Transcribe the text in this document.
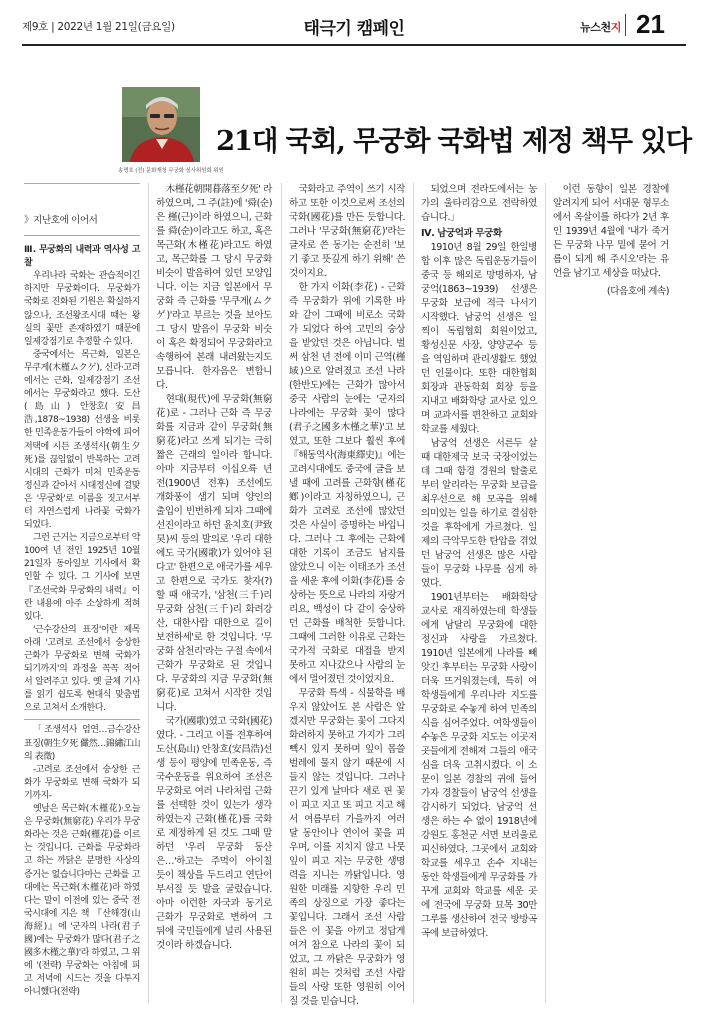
제9호 | 2022년 1월 21일(금요일)	태극기 캠페인	뉴스천지 21
송명호 (전) 문화재청 무궁화 심사위원회 위원
21대 국회, 무궁화 국화법 제정 책무 있다

》지난호에 이어서

Ⅲ. 무궁화의 내력과 역사성 고찰

우리나라 국화는 관습적이긴 하지만 무궁화이다. 무궁화가 국화로 진화된 기원은 확실하지 않으나, 조선왕조시대 때는 왕실의 꽃만 존재하였기 때문에 일제강점기로 추정할 수 있다.

중국에서는 목근화, 일본은 무쿠게(木槿ムクゲ), 신라·고려에서는 근화, 일제강점기 조선에서는 무궁화라고 했다. 도산(島山) 안창호(安昌浩,1878~1938) 선생을 비롯한 민족운동가들이 야학에 피어 저택에 시든 조생석사(朝生夕死)를 끊임없이 반복하는 고려시대의 근화가 미처 민족운동 정신과 같아서 시대정신에 걸맞은 '무궁화'로 이름을 짓고서부터 자연스럽게 나라꽃 국화가 되었다.

그런 근거는 지금으로부터 약 100여 년 전인 1925년 10월 21일자 동아일보 기사에서 확인할 수 있다. 그 기사에 보면 『조선국화 무궁화의 내력』이란 내용에 아주 소상하게 적혀 있다.

'근수강산의 표징'이란 제목 아래 '고려로 조선에서 숭상한 근화가 무궁화로 변해 국화가 되기까지'의 과정을 꼭꼭 적어서 알려주고 있다. 옛 글체 기사를 읽기 쉽도록 현대식 맞춤법으로 고쳐서 소개한다.

「조생석사 엄연…금수강산 표징(朝生夕死 儼然…錦繡江山의 表徵)

-고려로 조선에서 숭상한 근화가 무궁화로 변해 국화가 되기까지-

옛날은 목근화(木槿花)‧오늘은 무궁화(無窮花) 우리가 무궁화라는 것은 근화(槿花)를 이르는 것입니다. 근화를 무궁화라고 하는 까닭은 분명한 사상의 증거는 없습니다마는 근화를 고대에는 목근화(木槿花)라 하였다는 말이 이전에 있는 중국 전국시대에 지은 책 『산해경(山海經)』에 '군자의 나라(君子國)에는 무궁화가 많다(君子之國多木槿之華)'라 하였고, 그 위에 '(전략) 무궁화는 아침에 피고 저녁에 시드는 것을 다투지 아니했다(전략)

木槿花朝開暮落至夕死' 라 하였으며, 그 주(註)에 '舜(순)은 槿(근)이라 하였으니, 근화를 舜(순)이라고도 하고, 혹은 목근화(木槿花)라고도 하였고, 목근화를 그 당시 무궁화 비슷이 발음하여 있던 모양입니다. 이는 지금 일본에서 무궁화 즉 근화를 '무쿠게(ムクゲ)'라고 부르는 것을 보아도 그 당시 발음이 무궁화 비슷이 혹은 확정되어 무궁화라고 속행하여 본래 내려왔는지도 모릅니다. 한자음은 변합니다.

현대(現代)에 무궁화(無窮花)로 - 그러나 근화 즉 무궁화를 지금과 같이 무궁화(無窮花)라고 쓰게 되기는 극히 짧은 근래의 일이라 합니다. 아마 지금부터 이십오륙 년 전(1900년 전후) 조선에도 개화풍이 샘기 되며 양인의 출입이 빈번하게 되자 그때에 선진이라고 하던 윤치호(尹致昊)씨 등의 발의로 '우리 대한에도 국가(國歌)가 있어야 된다고' 한편으로 애국가를 세우고 한편으로 국가도 찾자(?)할 때 애국가, '삼천(三千)리 무궁화 삼천(三千)리 화려강산, 대한사람 대한으로 길이 보전하세'로 한 것입니다. '무궁화 삼천리'라는 구절 속에서 근화가 무궁화로 된 것입니다. 무궁화의 지금 무궁화(無窮花)로 고쳐서 시작한 것입니다.

국가(國歌)였고 국화(國花)였다. - 그리고 이를 전후하여 도산(島山) 안창호(安昌浩)선생 등이 평양에 민족운동, 즉 국수운동을 위요하여 조선은 무궁화로 여러 나라처럼 근화를 선택한 것이 있는가 생각하였는지 근화(槿花)를 국화로 제정하게 된 것도 그때 말하던 '우리 무궁화 동산은…'하고는 주먹이 아이칠 듯이 책상을 두드리고 연단이 부서질 듯 발을 굴렀습니다. 아마 이런한 자국과 동기로 근화가 무궁화로 변하여 그 뒤에 국민들에게 널리 사용된 것이라 하겠습니다.

국화라고 주역이 쓰기 시작하고 또한 이것으로써 조선의 국화(國花)를 만든 듯합니다. 그러나 '무궁화(無窮花)'라는 글자로 쓴 동기는 순전히 '보기 좋고 뜻깊게 하기 위해' 쓴 것이지요.

한 가지 이화(李花) - 근화 즉 무궁화가 위에 기록한 바와 같이 그때에 비로소 국화가 되었다 하여 고민의 숭상을 받았던 것은 아닙니다. 벌써 삼천 년 전에 이미 근역(槿域)으로 알려졌고 조선 나라(한반도)에는 근화가 많아서 중국 사람의 눈에는 '군자의 나라에는 무궁화 꽃이 많다(君子之國多木槿之華)'고 보였고, 또한 그보다 훨씬 후에 『해동역사(海東繹史)』에는 고려시대에도 중국에 글을 보낼 때에 고려를 근화향(槿花鄕)이라고 자칭하였으니, 근화가 고려로 조선에 많았던 것은 사실이 증명하는 바입니다. 그러나 그 후에는 근화에 대한 기록이 조금도 남지를 않았으니 이는 이태조가 조선을 세운 후에 이화(李花)를 숭상하는 뜻으로 나라의 자랑거리요, 백성이 다 같이 숭상하던 근화를 배척한 듯합니다. 그때에 그러한 이유로 근화는 국가적 국화로 대접을 받지 못하고 지나갔으나 사람의 눈에서 멀어졌던 것이었지요.

무궁화 특색 - 식물학을 배우지 않았어도 본 사람은 알겠지만 무궁화는 꽃이 그다지 화려하지 못하고 가지가 그리 빽시 있지 못하며 잎이 몹쓸 벌레에 물지 않기 때문에 시들지 않는 것입니다. 그러나 끈기 있게 날마다 새로 핀 꽃이 피고 지고 또 피고 지고 해서 여름부터 가을까지 여러 달 동안이나 연이어 꽃을 피우며, 이를 지치지 않고 나뭇잎이 피고 지는 무궁한 생명력을 지니는 까닭입니다. 영원한 미래를 지향한 우리 민족의 상징으로 가장 좋다는 꽃입니다. 그래서 조선 사람들은 이 꽃을 아끼고 정답게 여겨 참으로 나라의 꽃이 되었고, 그 까닭은 무궁화가 영원히 피는 것처럼 조선 사람들의 사랑 또한 영원히 이어질 것을 믿습니다.

되었으며 전라도에서는 농가의 울타리감으로 전락하였습니다.」

Ⅳ. 남궁억과 무궁화

1910년 8월 29일 한일병합 이후 많은 독립운동가들이 중국 등 해외로 망명하자, 남궁억(1863~1939) 선생은 무궁화 보급에 적극 나서기 시작했다. 남궁억 선생은 일찍이 독립협회 회원이었고, 황성신문 사장, 양양군수 등을 역임하며 관리생활도 했었던 인물이다. 또한 대한협회 회장과 관동학회 회장 등을 지내고 배화학당 교사로 있으며 교과서를 편찬하고 교회와 학교를 세웠다.

남궁억 선생은 서른두 살 때 대한제국 보국 국장이었는데 그때 함경 경원의 탈출로부터 알리라는 무궁화 보급을 최우선으로 해 모곡을 위해 의미있는 일을 하기로 결심한 것을 후학에게 가르쳤다. 일제의 극악무도한 탄압을 겪었던 남궁억 선생은 많은 사람들이 무궁화 나무를 심게 하였다.

1901년부터는 배화학당 교사로 재직하였는데 학생들에게 남달리 무궁화에 대한 정신과 사랑을 가르쳤다. 1910년 일본에게 나라를 빼앗긴 후부터는 무궁화 사랑이 더욱 뜨거워졌는데, 특히 여학생들에게 우리나라 지도를 무궁화로 수놓게 하여 민족의식을 심어주었다. 여학생들이 수놓은 무궁화 지도는 이곳저곳들에게 전해져 그들의 애국심을 더욱 고취시켰다. 이 소문이 일본 경찰의 귀에 들어가자 경찰들이 남궁억 선생을 감시하기 되었다. 남궁억 선생은 하는 수 없이 1918년에 강원도 홍천군 서면 보리울로 피신하였다. 그곳에서 교회와 학교를 세우고 손수 지내는 동안 학생들에게 무궁화를 가꾸게 교회와 학교를 세운 곳에 전국에 무궁화 묘목 30만 그루를 생산하여 전국 방방곡곡에 보급하였다.

이런 동향이 일본 경찰에 알려지게 되어 서대문 형무소에서 옥살이를 하다가 2년 후인 1939년 4월에 '내가 죽거든 무궁화 나무 밑에 묻어 거름이 되게 해 주시오'라는 유언을 남기고 세상을 떠났다.

(다음호에 계속)
